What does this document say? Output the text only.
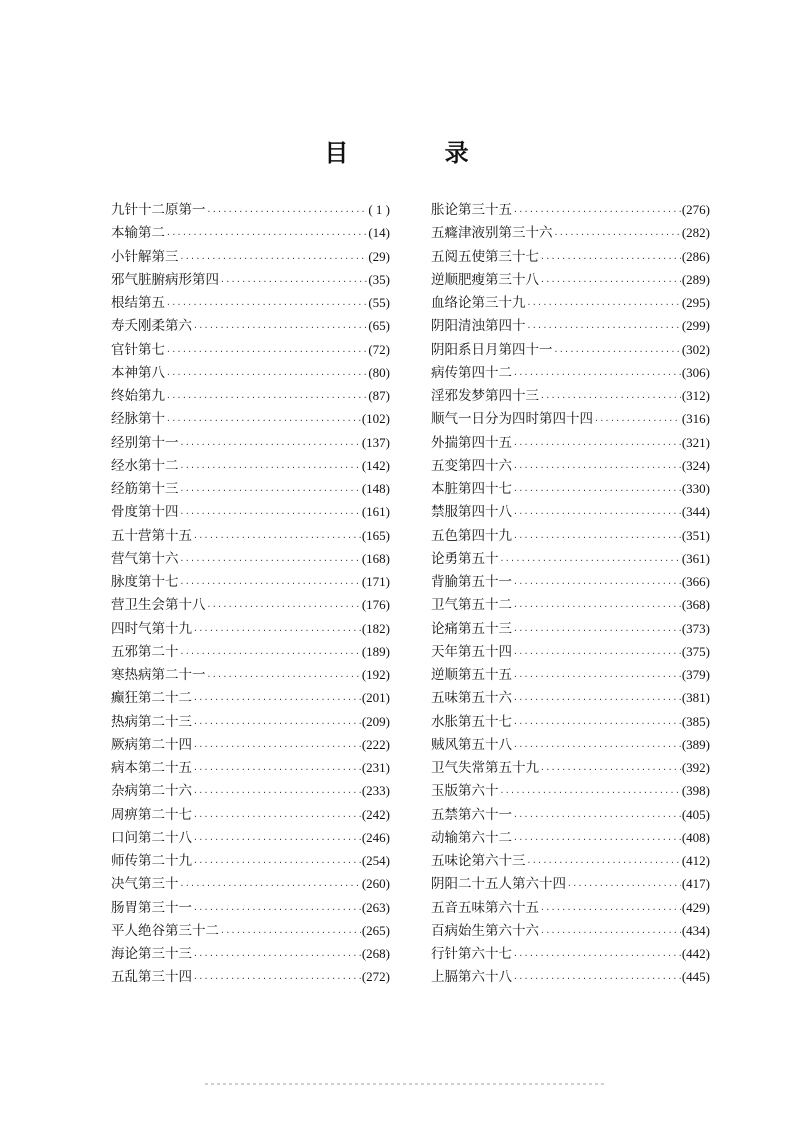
目 录
九针十二原第一 ·····	( 1 )
本输第二 ·····	( 14 )
小针解第三 ·····	( 29 )
邪气脏腑病形第四 ·····	( 35 )
根结第五 ·····	( 55 )
寿夭刚柔第六 ·····	( 65 )
官针第七 ·····	( 72 )
本神第八 ·····	( 80 )
终始第九 ·····	( 87 )
经脉第十 ·····	( 102 )
经别第十一 ·····	( 137 )
经水第十二 ·····	( 142 )
经筋第十三 ·····	( 148 )
骨度第十四 ·····	( 161 )
五十营第十五 ·····	( 165 )
营气第十六 ·····	( 168 )
脉度第十七 ·····	( 171 )
营卫生会第十八 ·····	( 176 )
四时气第十九 ·····	( 182 )
五邪第二十 ·····	( 189 )
寒热病第二十一 ·····	( 192 )
癫狂第二十二 ·····	( 201 )
热病第二十三 ·····	( 209 )
厥病第二十四 ·····	( 222 )
病本第二十五 ·····	( 231 )
杂病第二十六 ·····	( 233 )
周痹第二十七 ·····	( 242 )
口问第二十八 ·····	( 246 )
师传第二十九 ·····	( 254 )
决气第三十 ·····	( 260 )
肠胃第三十一 ·····	( 263 )
平人绝谷第三十二 ·····	( 265 )
海论第三十三 ·····	( 268 )
五乱第三十四 ·····	( 272 )
胀论第三十五 ·····	( 276 )
五癃津液别第三十六 ·····	( 282 )
五阅五使第三十七 ·····	( 286 )
逆顺肥瘦第三十八 ·····	( 289 )
血络论第三十九 ·····	( 295 )
阴阳清浊第四十 ·····	( 299 )
阴阳系日月第四十一 ·····	( 302 )
病传第四十二 ·····	( 306 )
淫邪发梦第四十三 ·····	( 312 )
顺气一日分为四时第四十四 ·····	( 316 )
外揣第四十五 ·····	( 321 )
五变第四十六 ·····	( 324 )
本脏第四十七 ·····	( 330 )
禁服第四十八 ·····	( 344 )
五色第四十九 ·····	( 351 )
论勇第五十 ·····	( 361 )
背腧第五十一 ·····	( 366 )
卫气第五十二 ·····	( 368 )
论痛第五十三 ·····	( 373 )
天年第五十四 ·····	( 375 )
逆顺第五十五 ·····	( 379 )
五味第五十六 ·····	( 381 )
水胀第五十七 ·····	( 385 )
贼风第五十八 ·····	( 389 )
卫气失常第五十九 ·····	( 392 )
玉版第六十 ·····	( 398 )
五禁第六十一 ·····	( 405 )
动输第六十二 ·····	( 408 )
五味论第六十三 ·····	( 412 )
阴阳二十五人第六十四 ·····	( 417 )
五音五味第六十五 ·····	( 429 )
百病始生第六十六 ·····	( 434 )
行针第六十七 ·····	( 442 )
上膈第六十八 ·····	( 445 )
